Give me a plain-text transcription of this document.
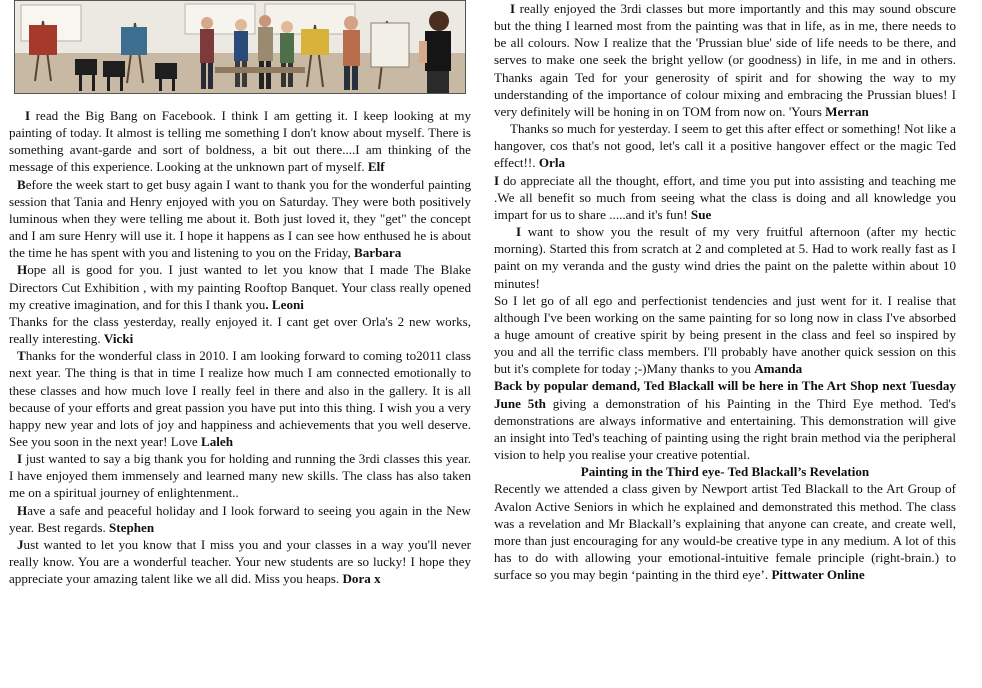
I read the Big Bang on Facebook. I think I am getting it. I keep looking at my painting of today. It almost is telling me something I don't know about myself. There is something avant-garde and sort of boldness, a bit out there....I am thinking of the message of this experience. Looking at the unknown part of myself. Elf

Before the week start to get busy again I want to thank you for the wonderful painting session that Tania and Henry enjoyed with you on Saturday. They were both positively luminous when they were telling me about it. Both just loved it, they "get" the concept and I am sure Henry will use it. I hope it happens as I can see how enthused he is about the time he has spent with you and listening to you on the Friday, Barbara

Hope all is good for you. I just wanted to let you know that I made The Blake Directors Cut Exhibition , with my painting Rooftop Banquet. Your class really opened my creative imagination, and for this I thank you. Leoni

Thanks for the class yesterday, really enjoyed it. I cant get over Orla's 2 new works, really interesting. Vicki

Thanks for the wonderful class in 2010. I am looking forward to coming to2011 class next year. The thing is that in time I realize how much I am connected emotionally to these classes and how much love I really feel in there and also in the gallery. It is all because of your efforts and great passion you have put into this thing. I wish you a very happy new year and lots of joy and happiness and achievements that you well deserve. See you soon in the next year! Love Laleh

I just wanted to say a big thank you for holding and running the 3rdi classes this year. I have enjoyed them immensely and learned many new skills. The class has also taken me on a spiritual journey of enlightenment..

Have a safe and peaceful holiday and I look forward to seeing you again in the New year. Best regards. Stephen

Just wanted to let you know that I miss you and your classes in a way you'll never really know. You are a wonderful teacher. Your new students are so lucky! I hope they appreciate your amazing talent like we all did. Miss you heaps. Dora x

I really enjoyed the 3rdi classes but more importantly and this may sound obscure but the thing I learned most from the painting was that in life, as in me, there needs to be all colours. Now I realize that the 'Prussian blue' side of life needs to be there, and serves to make one seek the bright yellow (or goodness) in life, in me and in others. Thanks again Ted for your generosity of spirit and for showing the way to my understanding of the importance of colour mixing and embracing the Prussian blues! I very definitely will be honing in on TOM from now on. 'Yours Merran

Thanks so much for yesterday. I seem to get this after effect or something! Not like a hangover, cos that's not good, let's call it a positive hangover effect or the magic Ted effect!!. Orla

I do appreciate all the thought, effort, and time you put into assisting and teaching me .We all benefit so much from seeing what the class is doing and all knowledge you impart for us to share .....and it's fun! Sue

I want to show you the result of my very fruitful afternoon (after my hectic morning). Started this from scratch at 2 and completed at 5. Had to work really fast as I paint on my veranda and the gusty wind dries the paint on the palette within about 10 minutes!

So I let go of all ego and perfectionist tendencies and just went for it. I realise that although I've been working on the same painting for so long now in class I've absorbed a huge amount of creative spirit by being present in the class and feel so inspired by you and all the terrific class members. I'll probably have another quick session on this but it's complete for today ;-)Many thanks to you Amanda

Back by popular demand, Ted Blackall will be here in The Art Shop next Tuesday June 5th giving a demonstration of his Painting in the Third Eye method. Ted's demonstrations are always informative and entertaining. This demonstration will give an insight into Ted's teaching of painting using the right brain method via the peripheral vision to help you realise your creative potential.

Painting in the Third eye- Ted Blackall’s Revelation

Recently we attended a class given by Newport artist Ted Blackall to the Art Group of Avalon Active Seniors in which he explained and demonstrated this method. The class was a revelation and Mr Blackall’s explaining that anyone can create, and create well, more than just encouraging for any would-be creative type in any medium. A lot of this has to do with allowing your emotional-intuitive female principle (right-brain.) to surface so you may begin ‘painting in the third eye’. Pittwater Online
